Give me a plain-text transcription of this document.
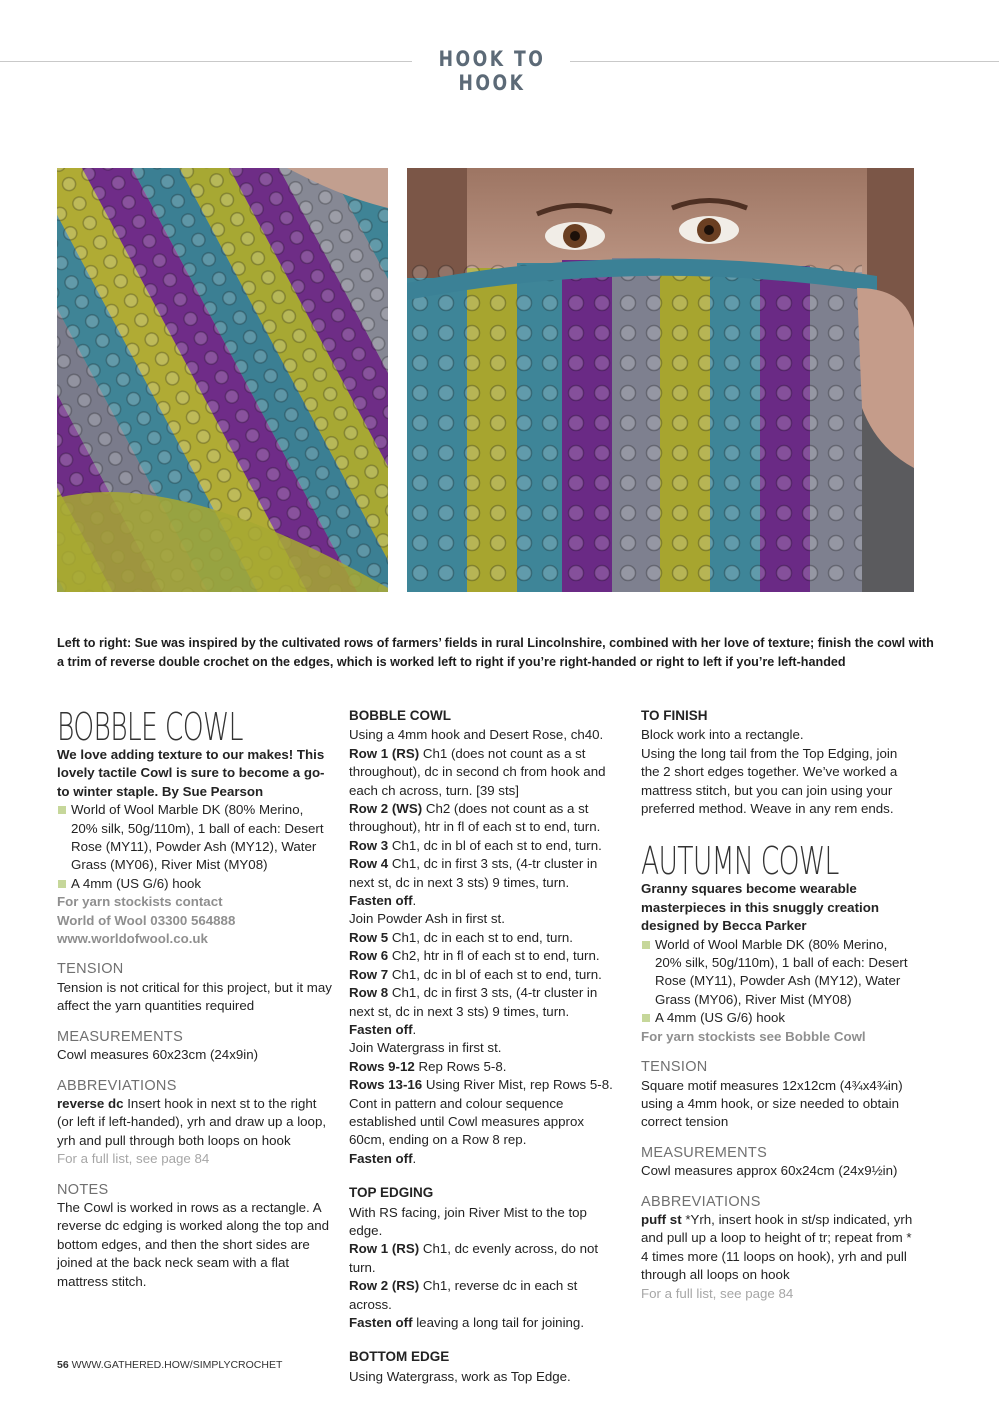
HOOK TO HOOK
Left to right: Sue was inspired by the cultivated rows of farmers’ fields in rural Lincolnshire, combined with her love of texture; finish the cowl with a trim of reverse double crochet on the edges, which is worked left to right if you’re right-handed or right to left if you’re left-handed
BOBBLE COWL
We love adding texture to our makes! This lovely tactile Cowl is sure to become a go-to winter staple. By Sue Pearson
World of Wool Marble DK (80% Merino, 20% silk, 50g/110m), 1 ball of each: Desert Rose (MY11), Powder Ash (MY12), Water Grass (MY06), River Mist (MY08)
A 4mm (US G/6) hook
For yarn stockists contact
World of Wool 03300 564888
www.worldofwool.co.uk
TENSION
Tension is not critical for this project, but it may affect the yarn quantities required
MEASUREMENTS
Cowl measures 60x23cm (24x9in)
ABBREVIATIONS
reverse dc Insert hook in next st to the right (or left if left-handed), yrh and draw up a loop, yrh and pull through both loops on hook
For a full list, see page 84
NOTES
The Cowl is worked in rows as a rectangle. A reverse dc edging is worked along the top and bottom edges, and then the short sides are joined at the back neck seam with a flat mattress stitch.
BOBBLE COWL
Using a 4mm hook and Desert Rose, ch40.
Row 1 (RS) Ch1 (does not count as a st throughout), dc in second ch from hook and each ch across, turn. [39 sts]
Row 2 (WS) Ch2 (does not count as a st throughout), htr in fl of each st to end, turn.
Row 3 Ch1, dc in bl of each st to end, turn.
Row 4 Ch1, dc in first 3 sts, (4-tr cluster in next st, dc in next 3 sts) 9 times, turn.
Fasten off.
Join Powder Ash in first st.
Row 5 Ch1, dc in each st to end, turn.
Row 6 Ch2, htr in fl of each st to end, turn.
Row 7 Ch1, dc in bl of each st to end, turn.
Row 8 Ch1, dc in first 3 sts, (4-tr cluster in next st, dc in next 3 sts) 9 times, turn.
Fasten off.
Join Watergrass in first st.
Rows 9-12 Rep Rows 5-8.
Rows 13-16 Using River Mist, rep Rows 5-8.
Cont in pattern and colour sequence established until Cowl measures approx 60cm, ending on a Row 8 rep.
Fasten off.
TOP EDGING
With RS facing, join River Mist to the top edge.
Row 1 (RS) Ch1, dc evenly across, do not turn.
Row 2 (RS) Ch1, reverse dc in each st across.
Fasten off leaving a long tail for joining.
BOTTOM EDGE
Using Watergrass, work as Top Edge.
TO FINISH
Block work into a rectangle.
Using the long tail from the Top Edging, join the 2 short edges together. We’ve worked a mattress stitch, but you can join using your preferred method. Weave in any rem ends.
AUTUMN COWL
Granny squares become wearable masterpieces in this snuggly creation designed by Becca Parker
World of Wool Marble DK (80% Merino, 20% silk, 50g/110m), 1 ball of each: Desert Rose (MY11), Powder Ash (MY12), Water Grass (MY06), River Mist (MY08)
A 4mm (US G/6) hook
For yarn stockists see Bobble Cowl
TENSION
Square motif measures 12x12cm (4¾x4¾in) using a 4mm hook, or size needed to obtain correct tension
MEASUREMENTS
Cowl measures approx 60x24cm (24x9½in)
ABBREVIATIONS
puff st *Yrh, insert hook in st/sp indicated, yrh and pull up a loop to height of tr; repeat from * 4 times more (11 loops on hook), yrh and pull through all loops on hook
For a full list, see page 84
56 WWW.GATHERED.HOW/SIMPLYCROCHET
